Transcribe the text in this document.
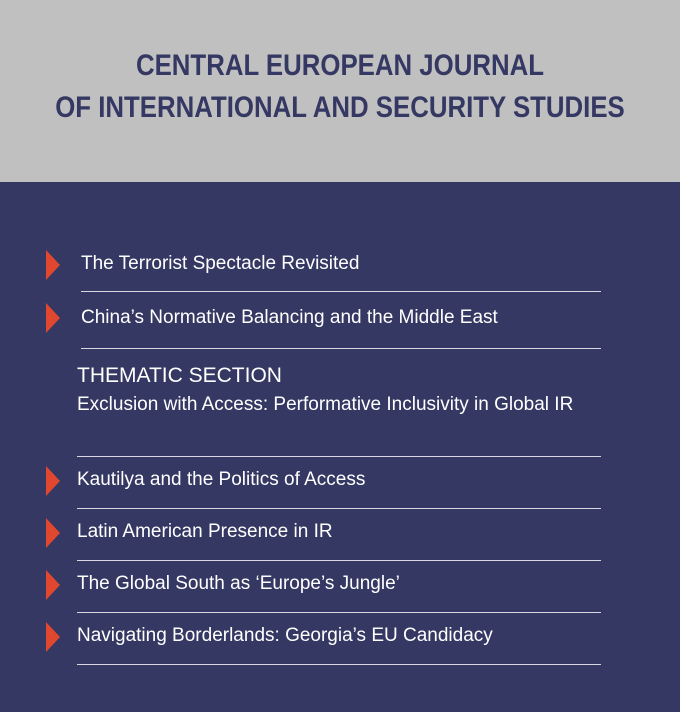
CENTRAL EUROPEAN JOURNAL
OF INTERNATIONAL AND SECURITY STUDIES
The Terrorist Spectacle Revisited
China’s Normative Balancing and the Middle East
THEMATIC SECTION
Exclusion with Access: Performative Inclusivity in Global IR
Kautilya and the Politics of Access
Latin American Presence in IR
The Global South as ‘Europe’s Jungle’
Navigating Borderlands: Georgia’s EU Candidacy
